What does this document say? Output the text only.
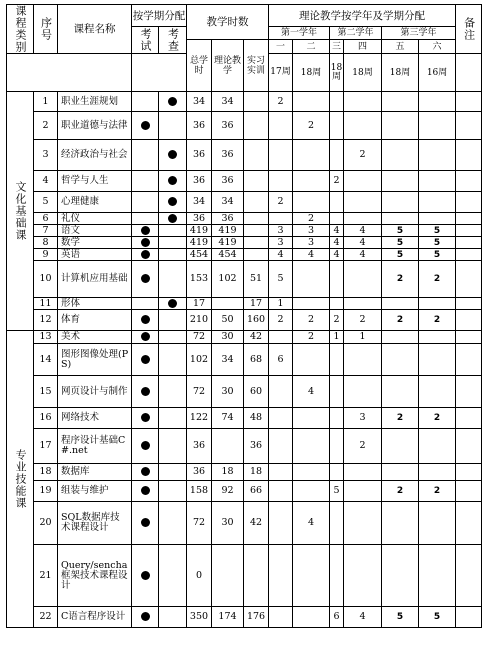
课程类别	序号	课程名称	按学期分配		教学时数			理论教学按学年及学期分配						备注
			考试	考查				第一学年		第二学年		第三学年		
					总学时	理论教学	实习实训	一	二	三	四	五	六	
								17周	18周	18周	18周	18周	16周	
文化基础课	1	职业生涯规划			34	34		2						
	2	职业道德与法律			36	36			2					
	3	经济政治与社会			36	36					2			
	4	哲学与人生			36	36				2				
	5	心理健康			34	34		2						
	6	礼仪			36	36			2					
	7	语文			419	419		3	3	4	4	5	5	
	8	数学			419	419		3	3	4	4	5	5	
	9	英语			454	454		4	4	4	4	5	5	
	10	计算机应用基础			153	102	51	5				2	2	
	11	形体			17		17	1						
	12	体育			210	50	160	2	2	2	2	2	2	
专业技能课	13	美术			72	30	42		2	1	1			
	14	图形图像处理(PS)			102	34	68	6						
	15	网页设计与制作			72	30	60		4					
	16	网络技术			122	74	48				3	2	2	
	17	程序设计基础C#.net			36		36				2			
	18	数据库			36	18	18							
	19	组装与维护			158	92	66			5		2	2	
	20	SQL数据库技术课程设计			72	30	42		4					
	21	Query/sencha框架技术课程设计			0									
	22	C语言程序设计			350	174	176			6	4	5	5	
